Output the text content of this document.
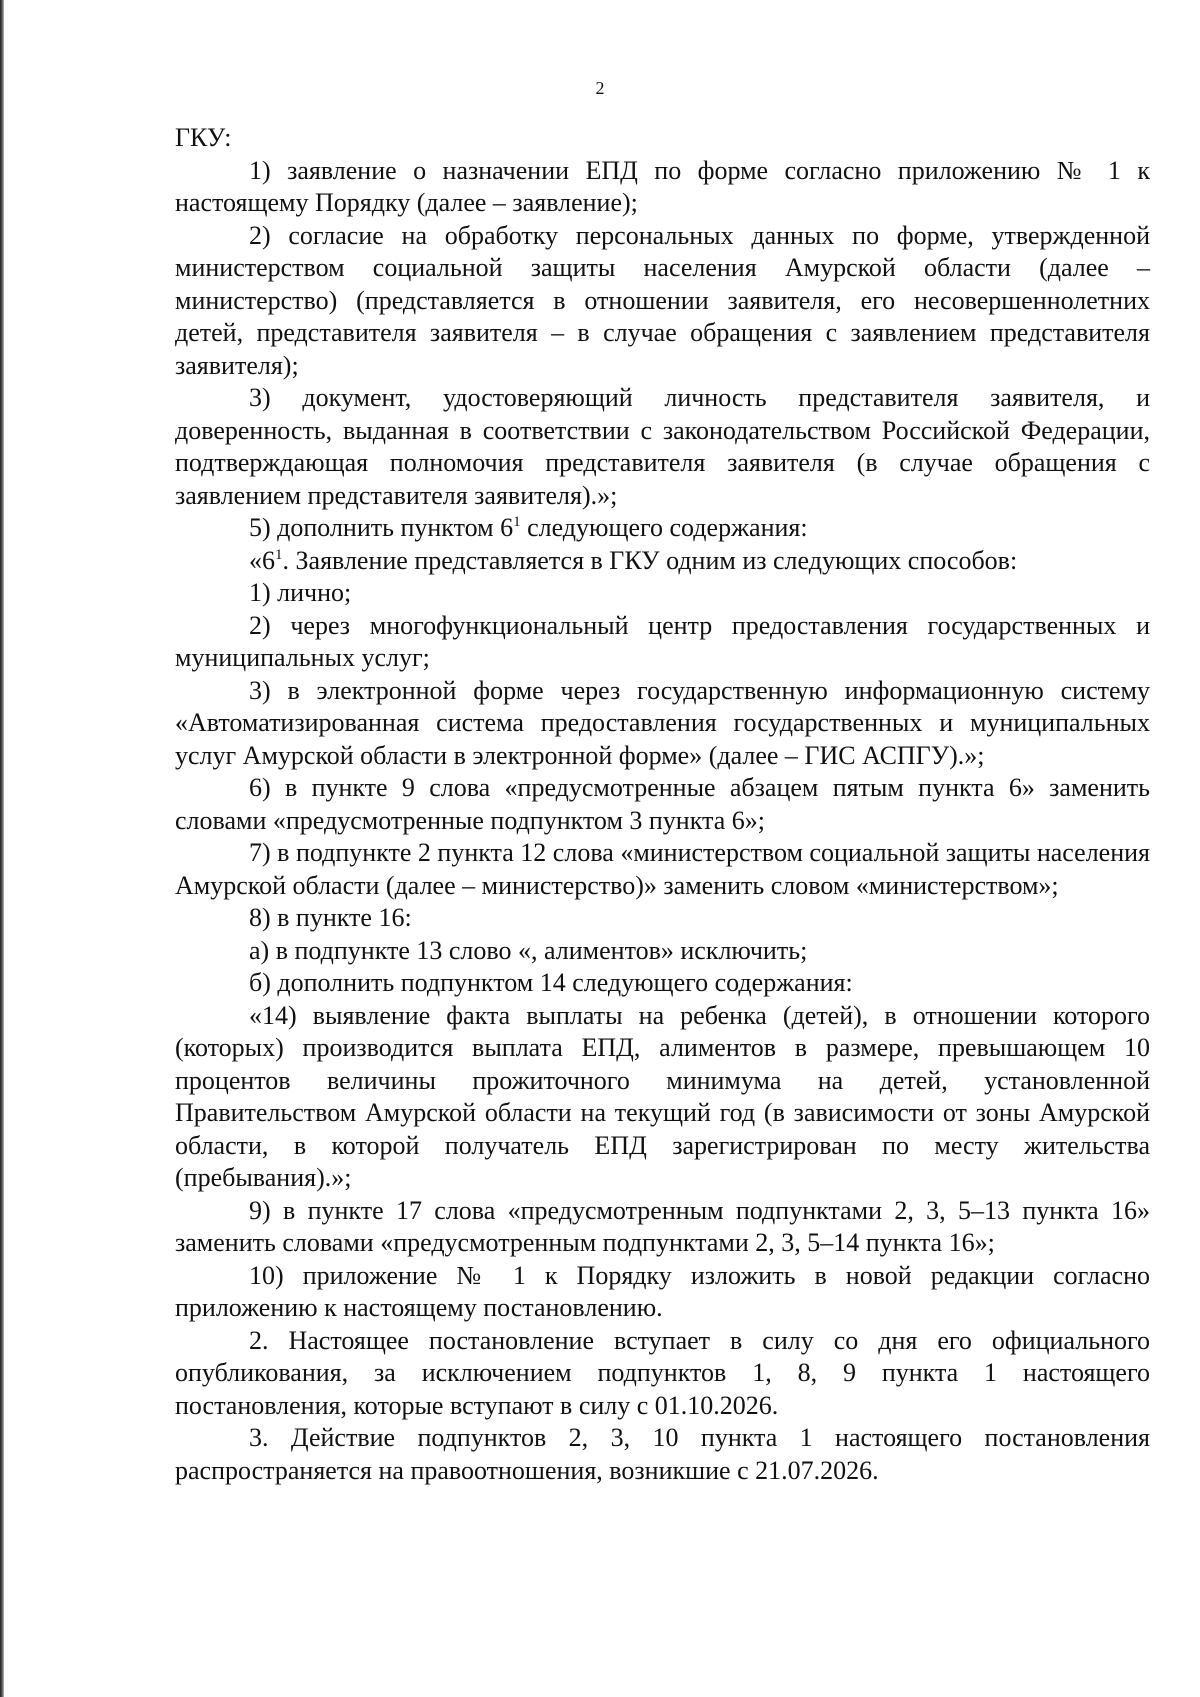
2

ГКУ:

1) заявление о назначении ЕПД по форме согласно приложению № 1 к настоящему Порядку (далее – заявление);

2) согласие на обработку персональных данных по форме, утвержденной министерством социальной защиты населения Амурской области (далее – министерство) (представляется в отношении заявителя, его несовершеннолетних детей, представителя заявителя – в случае обращения с заявлением представителя заявителя);

3) документ, удостоверяющий личность представителя заявителя, и доверенность, выданная в соответствии с законодательством Российской Федерации, подтверждающая полномочия представителя заявителя (в случае обращения с заявлением представителя заявителя).»;

5) дополнить пунктом $6^1$ следующего содержания:

«$6^1$. Заявление представляется в ГКУ одним из следующих способов:

1) лично;

2) через многофункциональный центр предоставления государственных и муниципальных услуг;

3) в электронной форме через государственную информационную систему «Автоматизированная система предоставления государственных и муниципальных услуг Амурской области в электронной форме» (далее – ГИС АСПГУ).»;

6) в пункте 9 слова «предусмотренные абзацем пятым пункта 6» заменить словами «предусмотренные подпунктом 3 пункта 6»;

7) в подпункте 2 пункта 12 слова «министерством социальной защиты населения Амурской области (далее – министерство)» заменить словом «министерством»;

8) в пункте 16:

а) в подпункте 13 слово «, алиментов» исключить;

б) дополнить подпунктом 14 следующего содержания:

«14) выявление факта выплаты на ребенка (детей), в отношении которого (которых) производится выплата ЕПД, алиментов в размере, превышающем 10 процентов величины прожиточного минимума на детей, установленной Правительством Амурской области на текущий год (в зависимости от зоны Амурской области, в которой получатель ЕПД зарегистрирован по месту жительства (пребывания).»;

9) в пункте 17 слова «предусмотренным подпунктами 2, 3, 5–13 пункта 16» заменить словами «предусмотренным подпунктами 2, 3, 5–14 пункта 16»;

10) приложение № 1 к Порядку изложить в новой редакции согласно приложению к настоящему постановлению.

2. Настоящее постановление вступает в силу со дня его официального опубликования, за исключением подпунктов 1, 8, 9 пункта 1 настоящего постановления, которые вступают в силу с 01.10.2026.

3. Действие подпунктов 2, 3, 10 пункта 1 настоящего постановления распространяется на правоотношения, возникшие с 21.07.2026.
